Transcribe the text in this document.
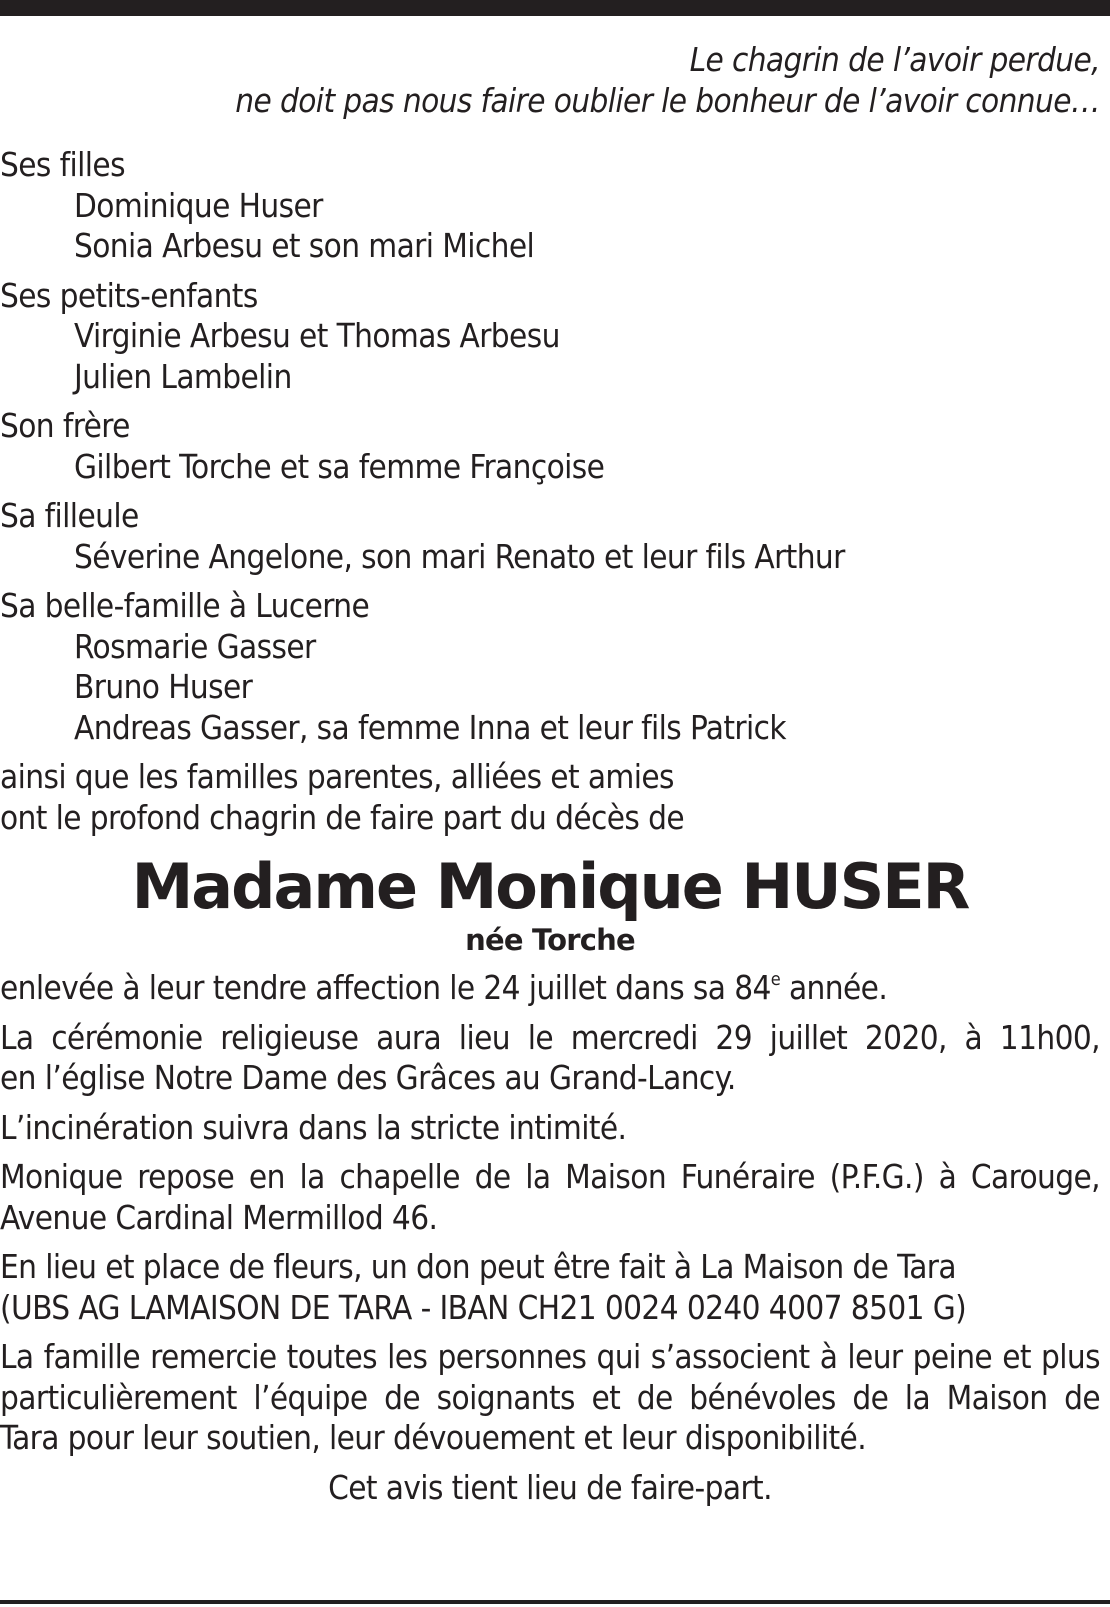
Le chagrin de l’avoir perdue,
ne doit pas nous faire oublier le bonheur de l’avoir connue…
Ses filles
Dominique Huser
Sonia Arbesu et son mari Michel
Ses petits-enfants
Virginie Arbesu et Thomas Arbesu
Julien Lambelin
Son frère
Gilbert Torche et sa femme Françoise
Sa filleule
Séverine Angelone, son mari Renato et leur fils Arthur
Sa belle-famille à Lucerne
Rosmarie Gasser
Bruno Huser
Andreas Gasser, sa femme Inna et leur fils Patrick
ainsi que les familles parentes, alliées et amies
ont le profond chagrin de faire part du décès de
Madame Monique HUSER
née Torche
enlevée à leur tendre affection le 24 juillet dans sa 84e année.
La cérémonie religieuse aura lieu le mercredi 29 juillet 2020, à 11h00,
en l’église Notre Dame des Grâces au Grand-Lancy.
L’incinération suivra dans la stricte intimité.
Monique repose en la chapelle de la Maison Funéraire (P.F.G.) à Carouge,
Avenue Cardinal Mermillod 46.
En lieu et place de fleurs, un don peut être fait à La Maison de Tara
(UBS AG LAMAISON DE TARA - IBAN CH21 0024 0240 4007 8501 G)
La famille remercie toutes les personnes qui s’associent à leur peine et plus
particulièrement l’équipe de soignants et de bénévoles de la Maison de
Tara pour leur soutien, leur dévouement et leur disponibilité.
Cet avis tient lieu de faire-part.
